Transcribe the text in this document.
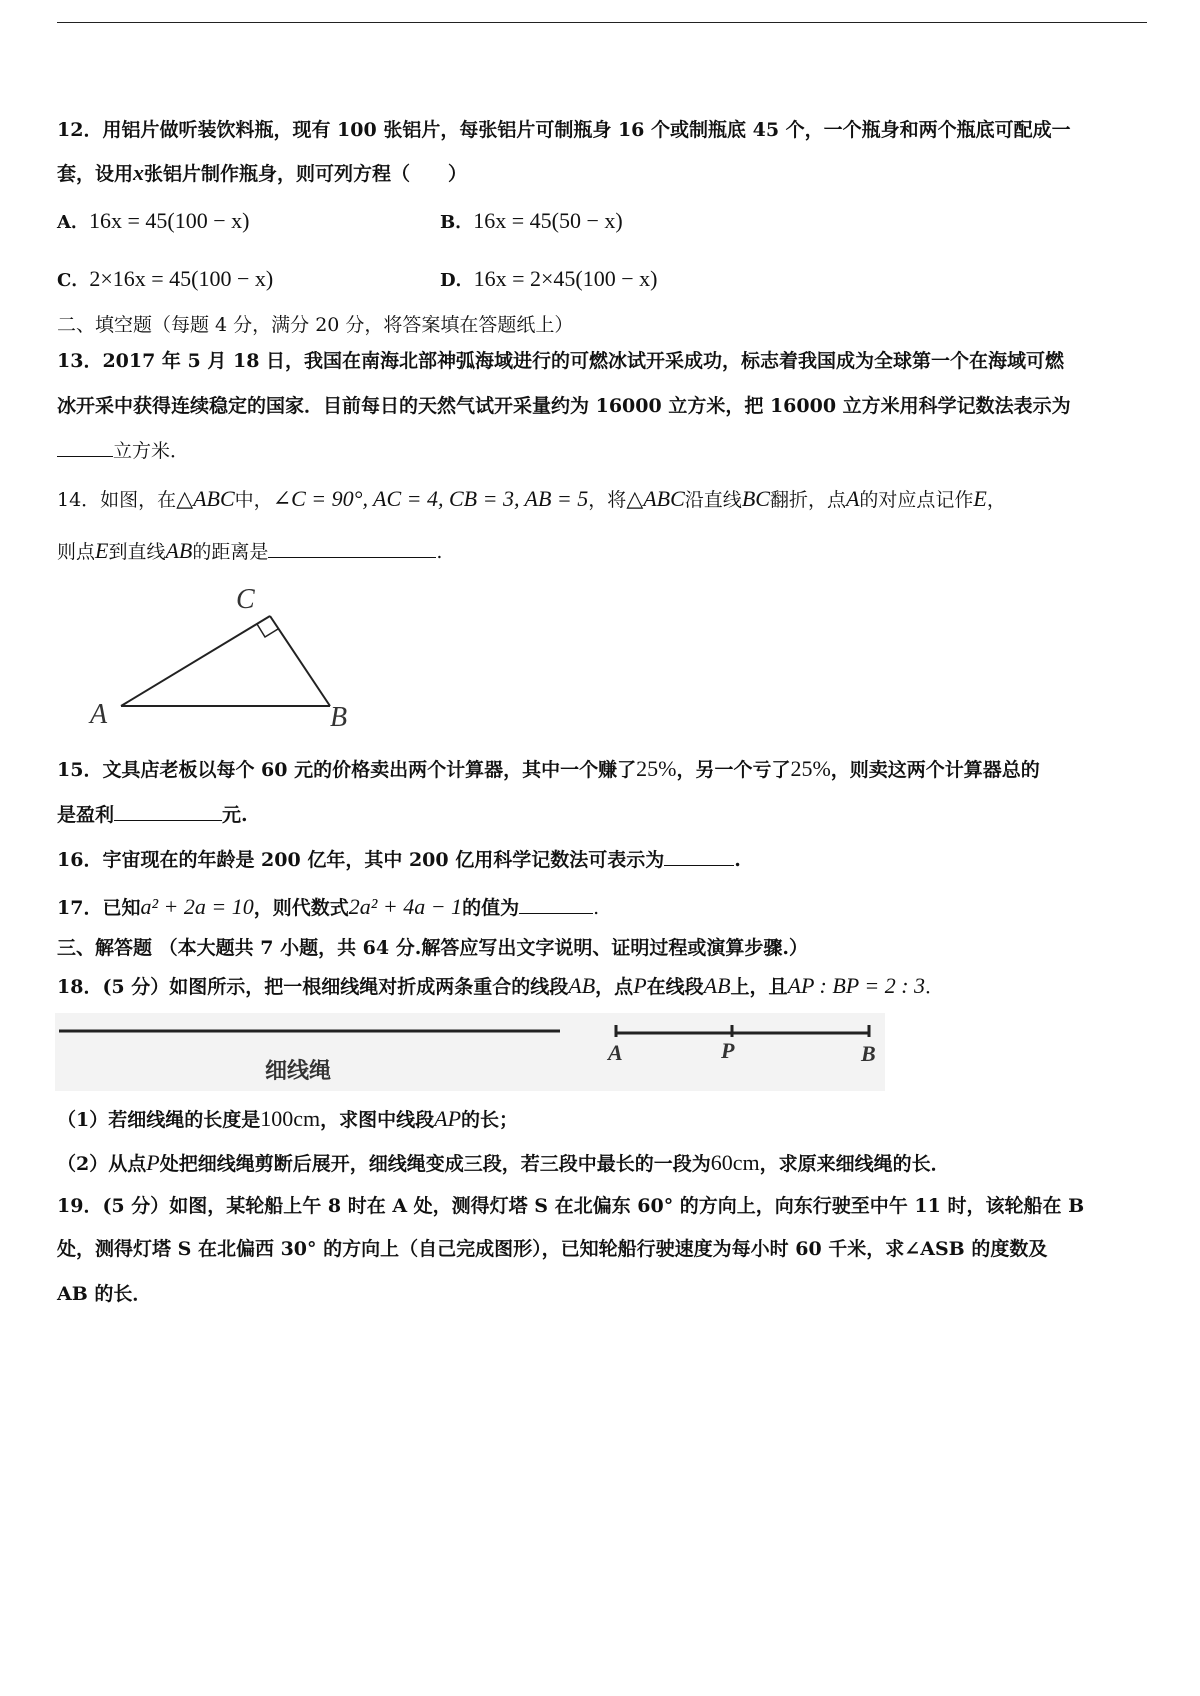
12．用铝片做听装饮料瓶，现有 100 张铝片，每张铝片可制瓶身 16 个或制瓶底 45 个，一个瓶身和两个瓶底可配成一
套，设用x张铝片制作瓶身，则可列方程（　　）
A．16x = 45(100 − x)	B．16x = 45(50 − x)
C．2×16x = 45(100 − x)	D．16x = 2×45(100 − x)
二、填空题（每题 4 分，满分 20 分，将答案填在答题纸上）
13．2017 年 5 月 18 日，我国在南海北部神弧海域进行的可燃冰试开采成功，标志着我国成为全球第一个在海域可燃
冰开采中获得连续稳定的国家．目前每日的天然气试开采量约为 16000 立方米，把 16000 立方米用科学记数法表示为
立方米．
14．如图，在△ABC中，∠C = 90°, AC = 4, CB = 3, AB = 5，将△ABC沿直线BC翻折，点A的对应点记作E，
则点E到直线AB的距离是	.
C
A	B
15．文具店老板以每个 60 元的价格卖出两个计算器，其中一个赚了25%，另一个亏了25%，则卖这两个计算器总的
是盈利	元.
16．宇宙现在的年龄是 200 亿年，其中 200 亿用科学记数法可表示为	.
17．已知a² + 2a = 10，则代数式2a² + 4a − 1的值为	.
三、解答题 （本大题共 7 小题，共 64 分.解答应写出文字说明、证明过程或演算步骤.）
18．(5 分）如图所示，把一根细线绳对折成两条重合的线段AB，点P在线段AB上，且AP : BP = 2 : 3．
细线绳
A	P	B
（1）若细线绳的长度是100cm，求图中线段AP的长；
（2）从点P处把细线绳剪断后展开，细线绳变成三段，若三段中最长的一段为60cm，求原来细线绳的长．
19．(5 分）如图，某轮船上午 8 时在 A 处，测得灯塔 S 在北偏东 60° 的方向上，向东行驶至中午 11 时，该轮船在 B
处，测得灯塔 S 在北偏西 30° 的方向上（自己完成图形），已知轮船行驶速度为每小时 60 千米，求∠ASB 的度数及
AB 的长．
